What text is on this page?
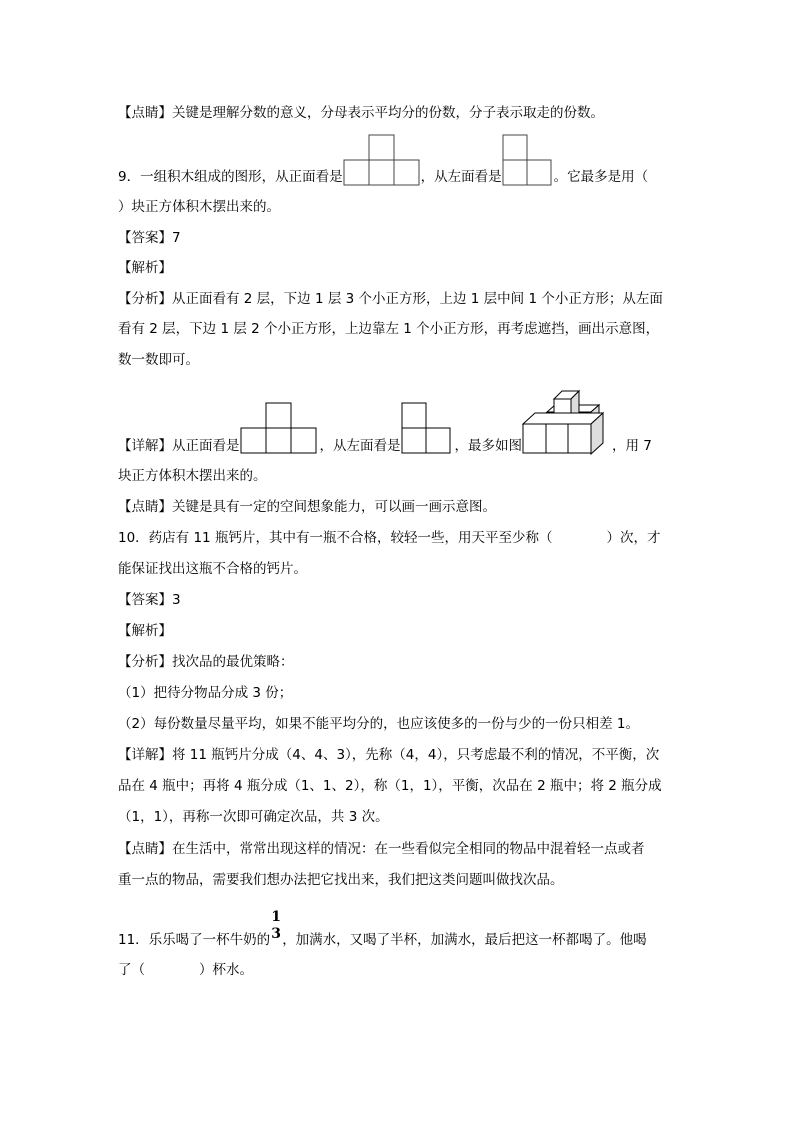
【点睛】关键是理解分数的意义，分母表示平均分的份数，分子表示取走的份数。
9．一组积木组成的图形，从正面看是	，从左面看是	。它最多是用（
）块正方体积木摆出来的。
【答案】7
【解析】
【分析】从正面看有 2 层，下边 1 层 3 个小正方形，上边 1 层中间 1 个小正方形；从左面
看有 2 层，下边 1 层 2 个小正方形，上边靠左 1 个小正方形，再考虑遮挡，画出示意图，
数一数即可。
【详解】从正面看是	，从左面看是	，最多如图	，用 7
块正方体积木摆出来的。
【点睛】关键是具有一定的空间想象能力，可以画一画示意图。
10．药店有 11 瓶钙片，其中有一瓶不合格，较轻一些，用天平至少称（　　　　）次，才
能保证找出这瓶不合格的钙片。
【答案】3
【解析】
【分析】找次品的最优策略：
（1）把待分物品分成 3 份；
（2）每份数量尽量平均，如果不能平均分的，也应该使多的一份与少的一份只相差 1。
【详解】将 11 瓶钙片分成（4、4、3），先称（4，4），只考虑最不利的情况，不平衡，次
品在 4 瓶中；再将 4 瓶分成（1、1、2），称（1，1），平衡，次品在 2 瓶中；将 2 瓶分成
（1，1），再称一次即可确定次品，共 3 次。
【点睛】在生活中，常常出现这样的情况：在一些看似完全相同的物品中混着轻一点或者
重一点的物品，需要我们想办法把它找出来，我们把这类问题叫做找次品。
11．乐乐喝了一杯牛奶的
1
3 ，加满水，又喝了半杯，加满水，最后把这一杯都喝了。他喝
了（　　　　）杯水。
